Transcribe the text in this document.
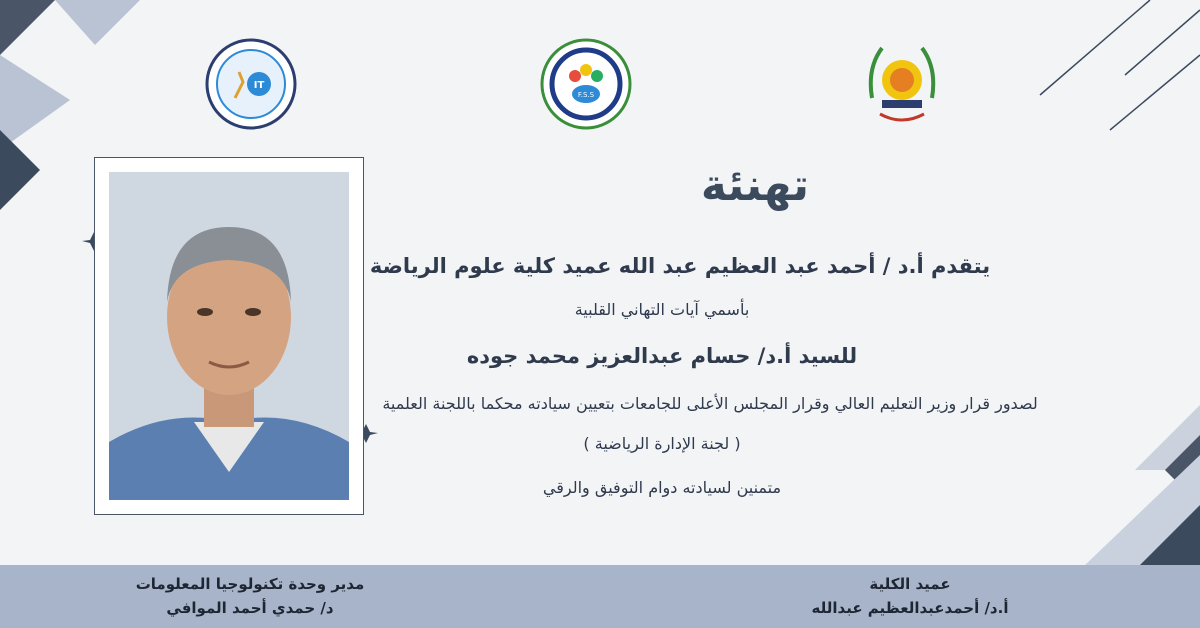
IT
F.S.S
تهنئة
يتقدم أ.د / أحمد عبد العظيم عبد الله عميد كلية علوم الرياضة
بأسمي آيات التهاني القلبية
للسيد أ.د/ حسام عبدالعزيز محمد جوده
لصدور قرار وزير التعليم العالي وقرار المجلس الأعلى للجامعات بتعيين سيادته محكما باللجنة العلمية
( لجنة الإدارة الرياضية )
متمنين لسيادته دوام التوفيق والرقي
مدير وحدة تكنولوجيا المعلومات
د/ حمدي أحمد الموافي
عميد الكلية
أ.د/ أحمدعبدالعظيم عبدالله
